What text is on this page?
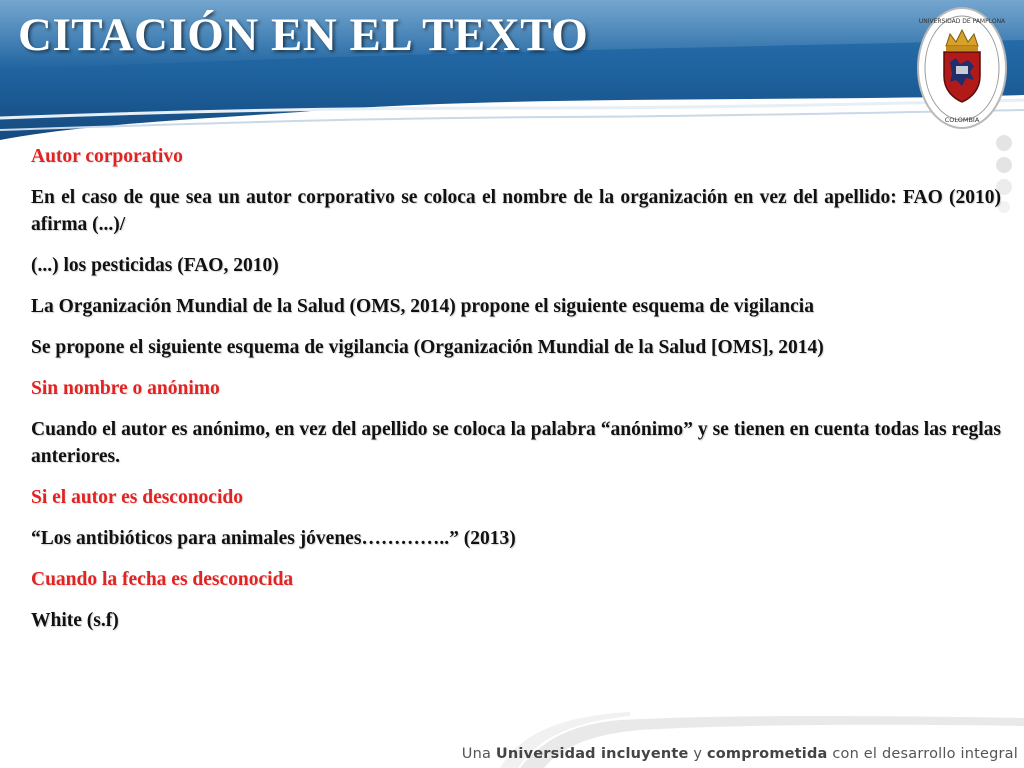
CITACIÓN EN EL TEXTO	UNIVERSIDAD DE PAMPLONA
COLOMBIA

Autor corporativo

En el caso de que sea un autor corporativo se coloca el nombre de la organización en vez del apellido: FAO (2010) afirma (...)/

(...) los pesticidas (FAO, 2010)

La Organización Mundial de la Salud (OMS, 2014) propone el siguiente esquema de vigilancia

Se propone el siguiente esquema de vigilancia (Organización Mundial de la Salud [OMS], 2014)

Sin nombre o anónimo

Cuando el autor es anónimo, en vez del apellido se coloca la palabra “anónimo” y se tienen en cuenta todas las reglas anteriores.

Si el autor es desconocido

“Los antibióticos para animales jóvenes…………..” (2013)

Cuando la fecha es desconocida

White (s.f)

Una Universidad incluyente y comprometida con el desarrollo integral
